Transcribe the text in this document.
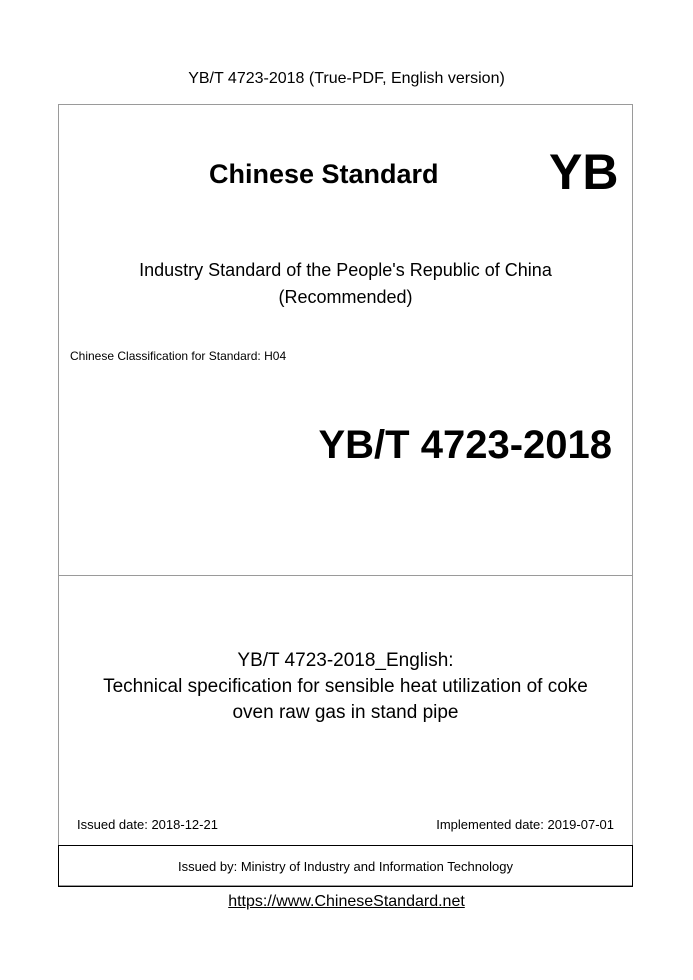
YB/T 4723-2018 (True-PDF, English version)
Chinese Standard YB
Industry Standard of the People's Republic of China
(Recommended)
Chinese Classification for Standard: H04
YB/T 4723-2018
YB/T 4723-2018_English:
Technical specification for sensible heat utilization of coke
oven raw gas in stand pipe
Issued date: 2018-12-21	Implemented date: 2019-07-01
Issued by: Ministry of Industry and Information Technology
https://www.ChineseStandard.net
